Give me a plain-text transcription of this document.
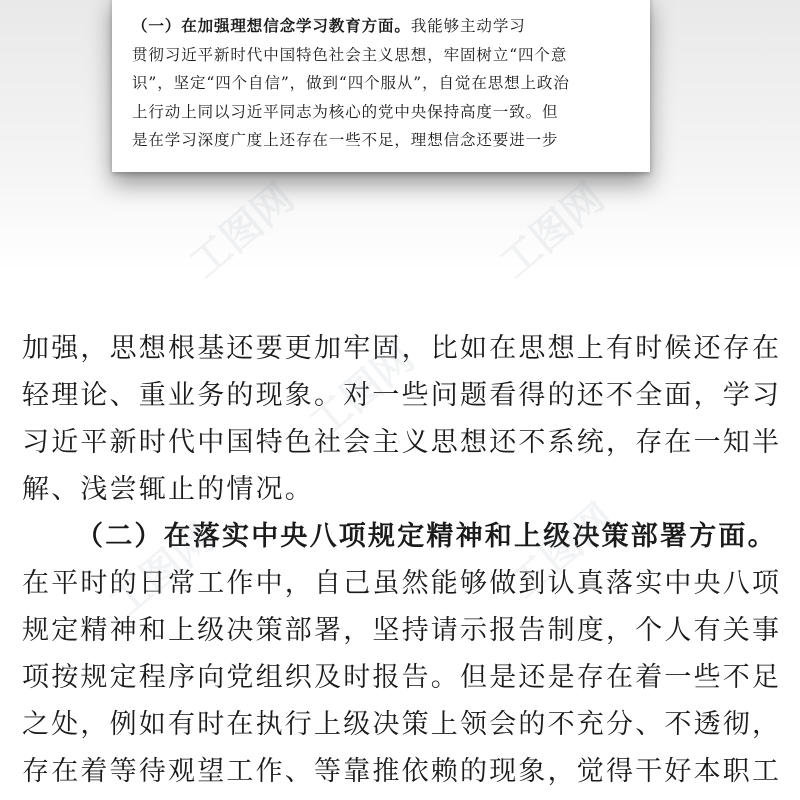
（一）在加强理想信念学习教育方面。我能够主动学习
贯彻习近平新时代中国特色社会主义思想，牢固树立“四个意
识”，坚定“四个自信”，做到“四个服从”，自觉在思想上政治
上行动上同以习近平同志为核心的党中央保持高度一致。但
是在学习深度广度上还存在一些不足，理想信念还要进一步

加强，思想根基还要更加牢固，比如在思想上有时候还存在
轻理论、重业务的现象。对一些问题看得的还不全面，学习
习近平新时代中国特色社会主义思想还不系统，存在一知半
解、浅尝辄止的情况。
（二）在落实中央八项规定精神和上级决策部署方面。
在平时的日常工作中，自己虽然能够做到认真落实中央八项
规定精神和上级决策部署，坚持请示报告制度，个人有关事
项按规定程序向党组织及时报告。但是还是存在着一些不足
之处，例如有时在执行上级决策上领会的不充分、不透彻，
存在着等待观望工作、等靠推依赖的现象，觉得干好本职工
工图网
工图网	工图网
